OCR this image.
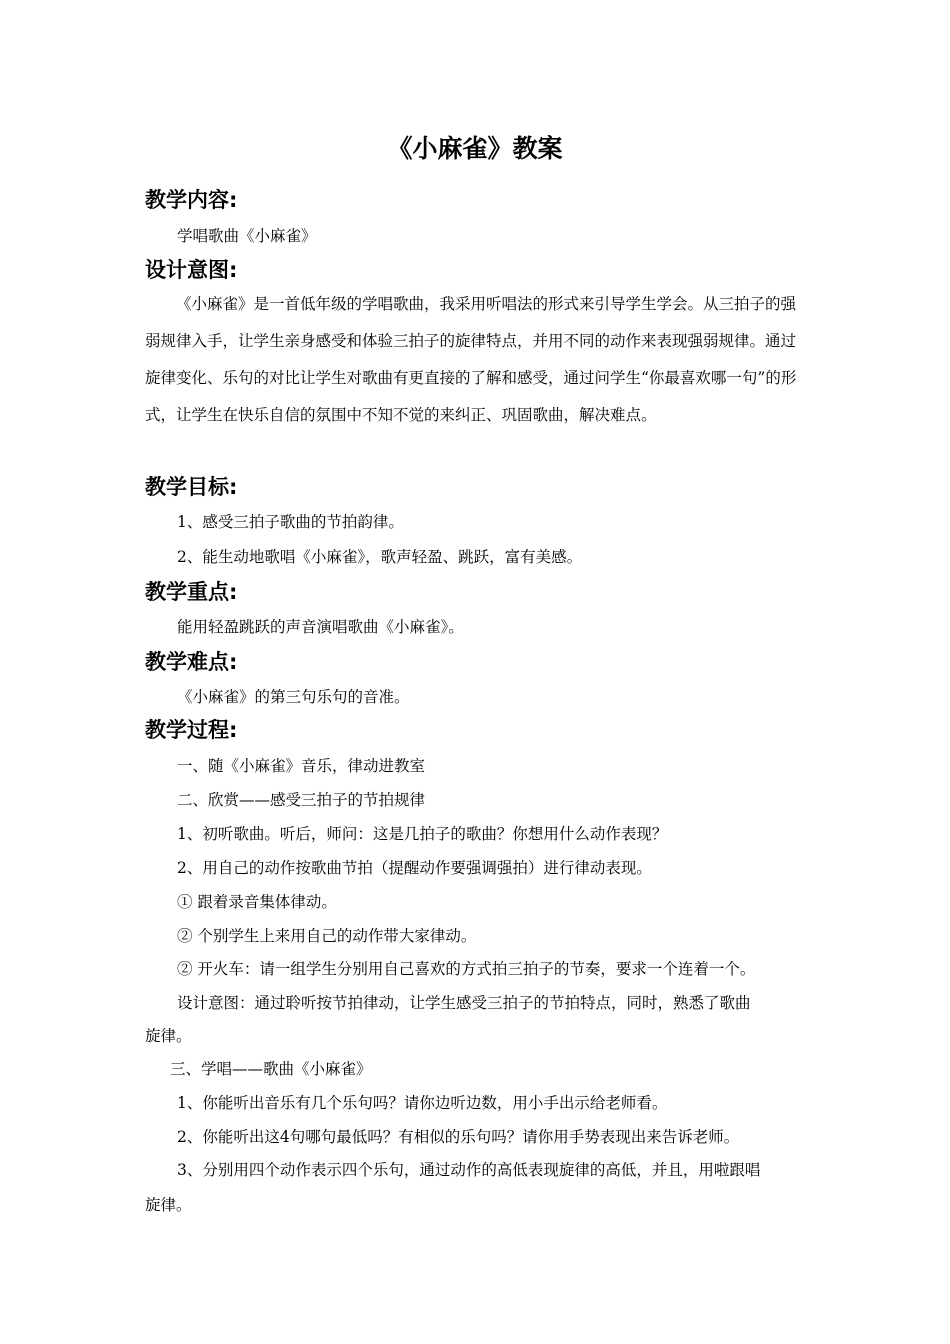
《小麻雀》教案
教学内容:
学唱歌曲《小麻雀》
设计意图:
《小麻雀》是一首低年级的学唱歌曲，我采用听唱法的形式来引导学生学会。从三拍子的强弱规律入手，让学生亲身感受和体验三拍子的旋律特点，并用不同的动作来表现强弱规律。通过旋律变化、乐句的对比让学生对歌曲有更直接的了解和感受，通过问学生“你最喜欢哪一句”的形式，让学生在快乐自信的氛围中不知不觉的来纠正、巩固歌曲，解决难点。
教学目标:
1、感受三拍子歌曲的节拍韵律。
2、能生动地歌唱《小麻雀》，歌声轻盈、跳跃，富有美感。
教学重点:
能用轻盈跳跃的声音演唱歌曲《小麻雀》。
教学难点:
《小麻雀》的第三句乐句的音准。
教学过程:
一、随《小麻雀》音乐，律动进教室
二、欣赏——感受三拍子的节拍规律
1、初听歌曲。听后，师问：这是几拍子的歌曲？你想用什么动作表现？
2、用自己的动作按歌曲节拍（提醒动作要强调强拍）进行律动表现。
① 跟着录音集体律动。
② 个别学生上来用自己的动作带大家律动。
② 开火车：请一组学生分别用自己喜欢的方式拍三拍子的节奏，要求一个连着一个。
设计意图：通过聆听按节拍律动，让学生感受三拍子的节拍特点，同时，熟悉了歌曲
旋律。
三、学唱——歌曲《小麻雀》
1、你能听出音乐有几个乐句吗？请你边听边数，用小手出示给老师看。
2、你能听出这4句哪句最低吗？有相似的乐句吗？请你用手势表现出来告诉老师。
3、分别用四个动作表示四个乐句，通过动作的高低表现旋律的高低，并且，用啦跟唱
旋律。
